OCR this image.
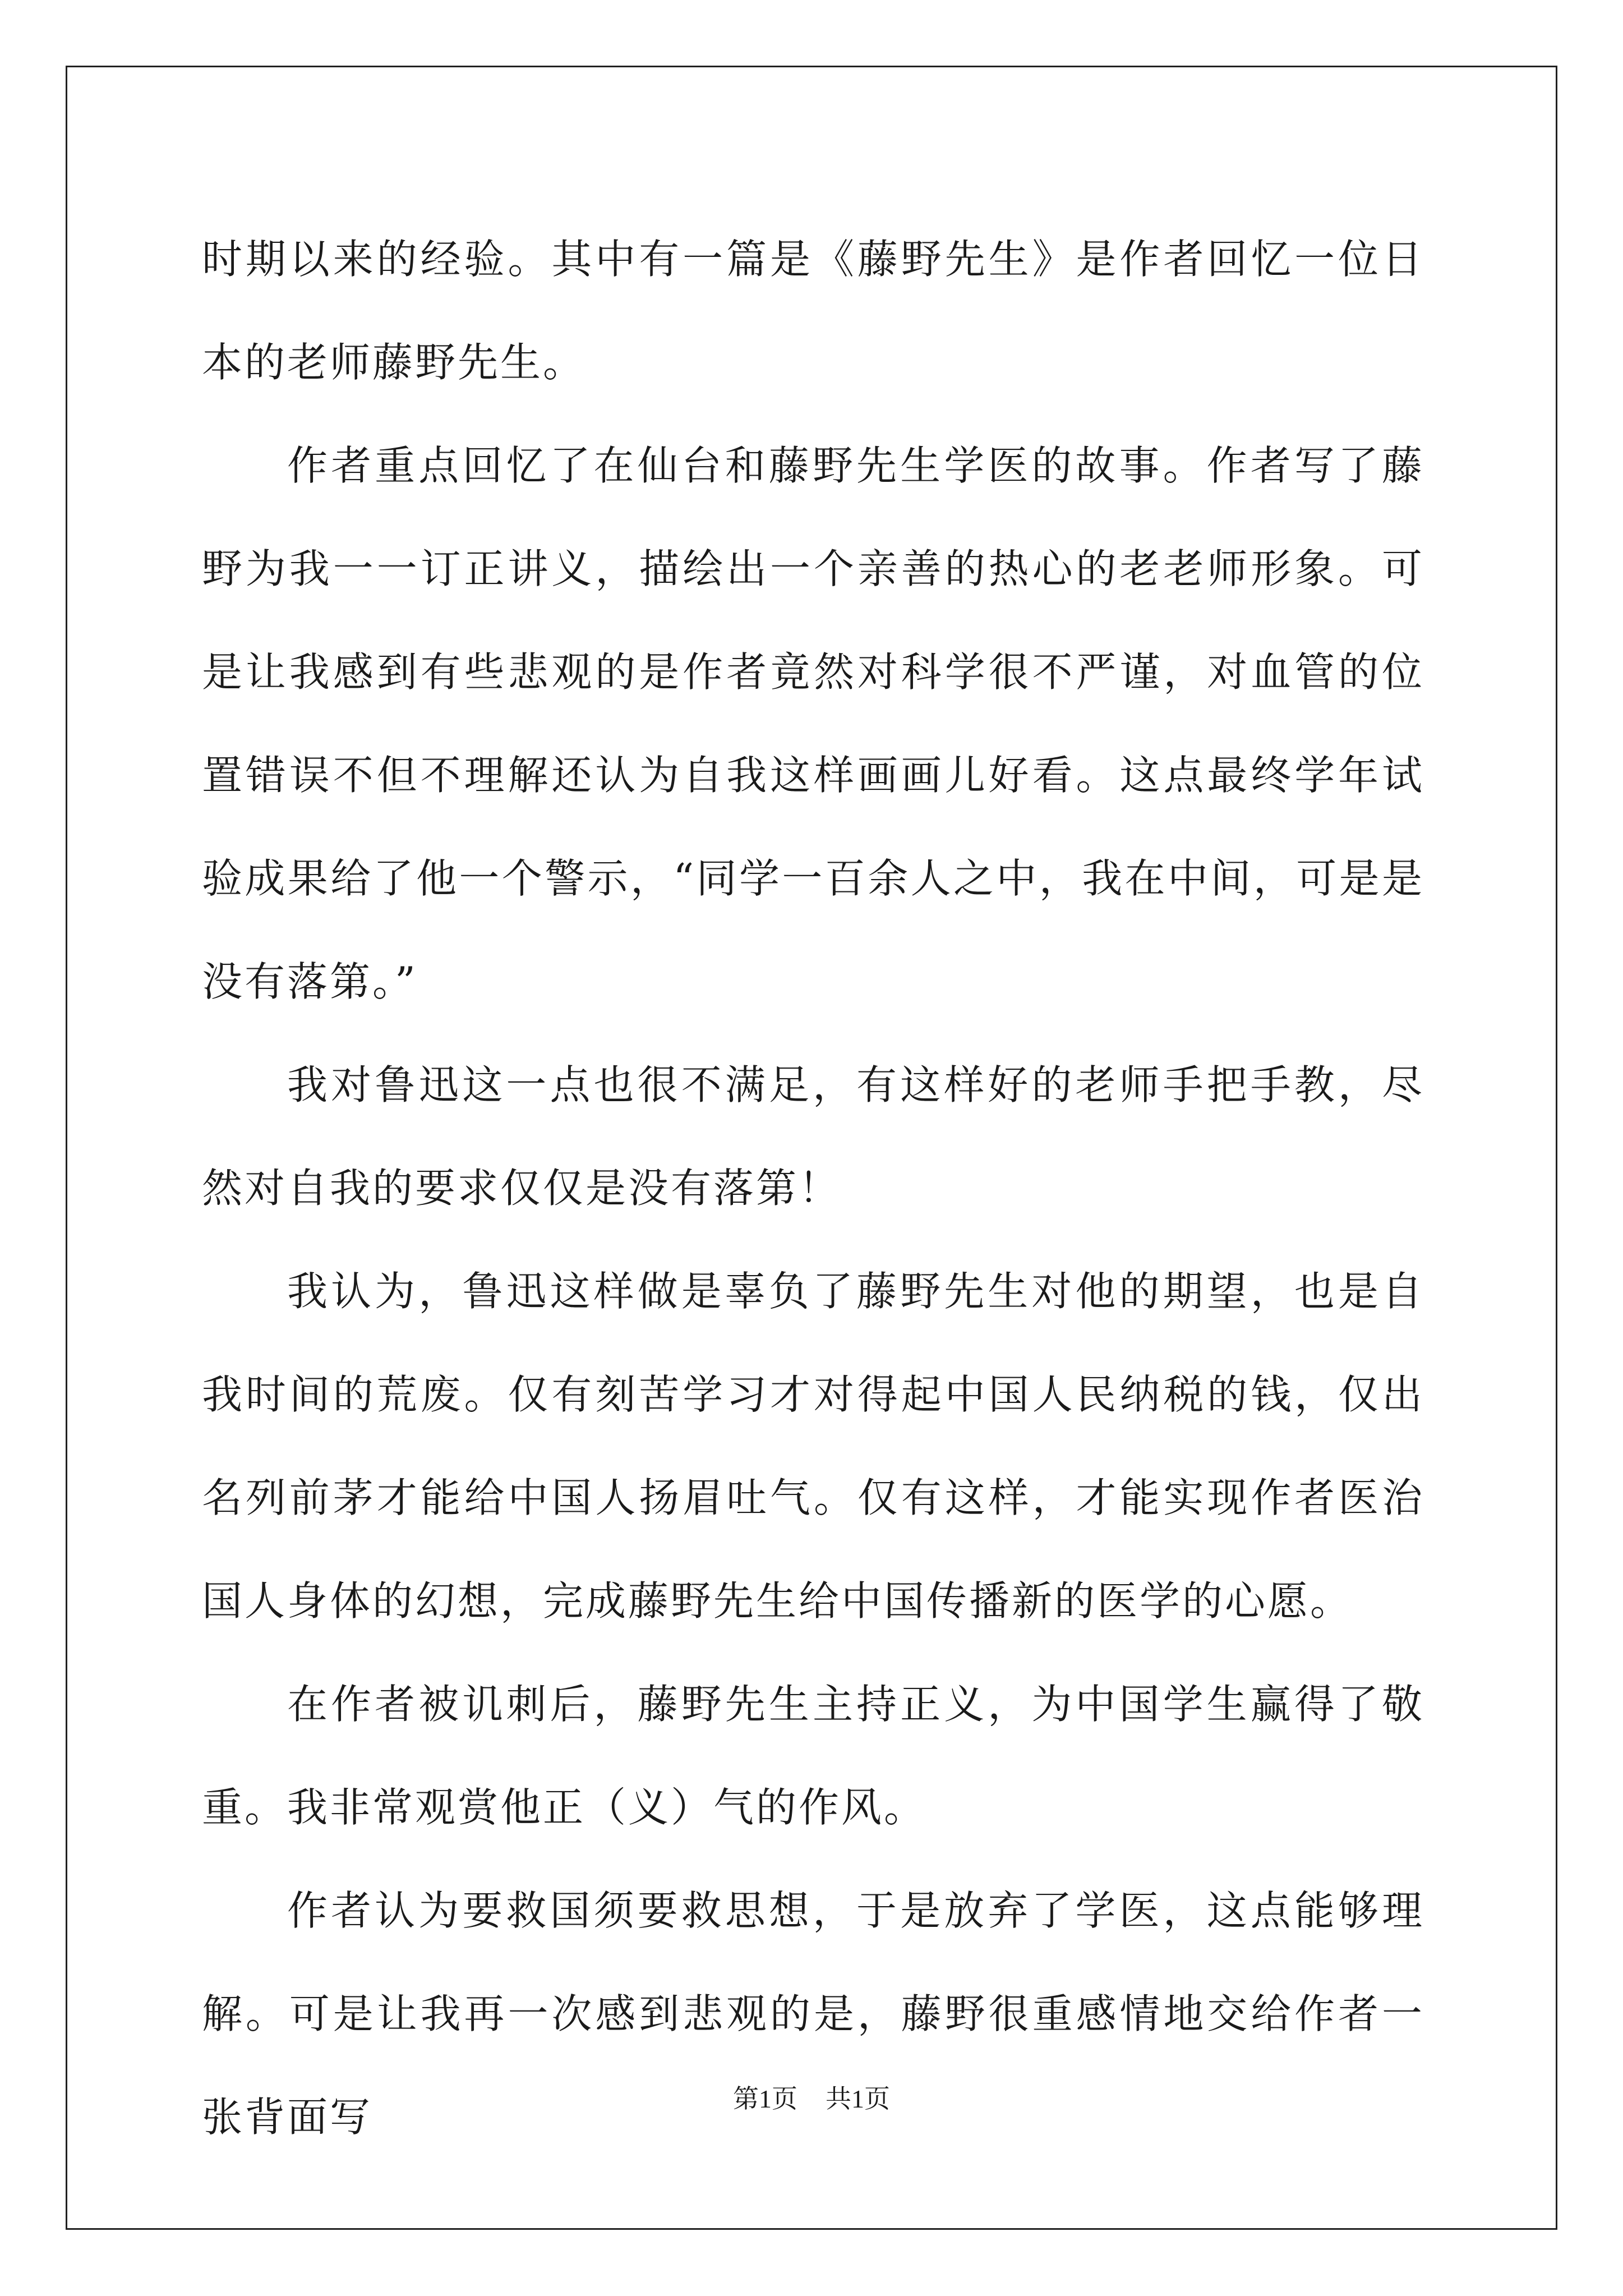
时期以来的经验。其中有一篇是《藤野先生》是作者回忆一位日本的老师藤野先生。

作者重点回忆了在仙台和藤野先生学医的故事。作者写了藤野为我一一订正讲义，描绘出一个亲善的热心的老老师形象。可是让我感到有些悲观的是作者竟然对科学很不严谨，对血管的位置错误不但不理解还认为自我这样画画儿好看。这点最终学年试验成果给了他一个警示，“同学一百余人之中，我在中间，可是是没有落第。”

我对鲁迅这一点也很不满足，有这样好的老师手把手教，尽然对自我的要求仅仅是没有落第！

我认为，鲁迅这样做是辜负了藤野先生对他的期望，也是自我时间的荒废。仅有刻苦学习才对得起中国人民纳税的钱，仅出名列前茅才能给中国人扬眉吐气。仅有这样，才能实现作者医治国人身体的幻想，完成藤野先生给中国传播新的医学的心愿。

在作者被讥刺后，藤野先生主持正义，为中国学生赢得了敬重。我非常观赏他正（义）气的作风。

作者认为要救国须要救思想，于是放弃了学医，这点能够理解。可是让我再一次感到悲观的是，藤野很重感情地交给作者一张背面写	第1页 共1页
